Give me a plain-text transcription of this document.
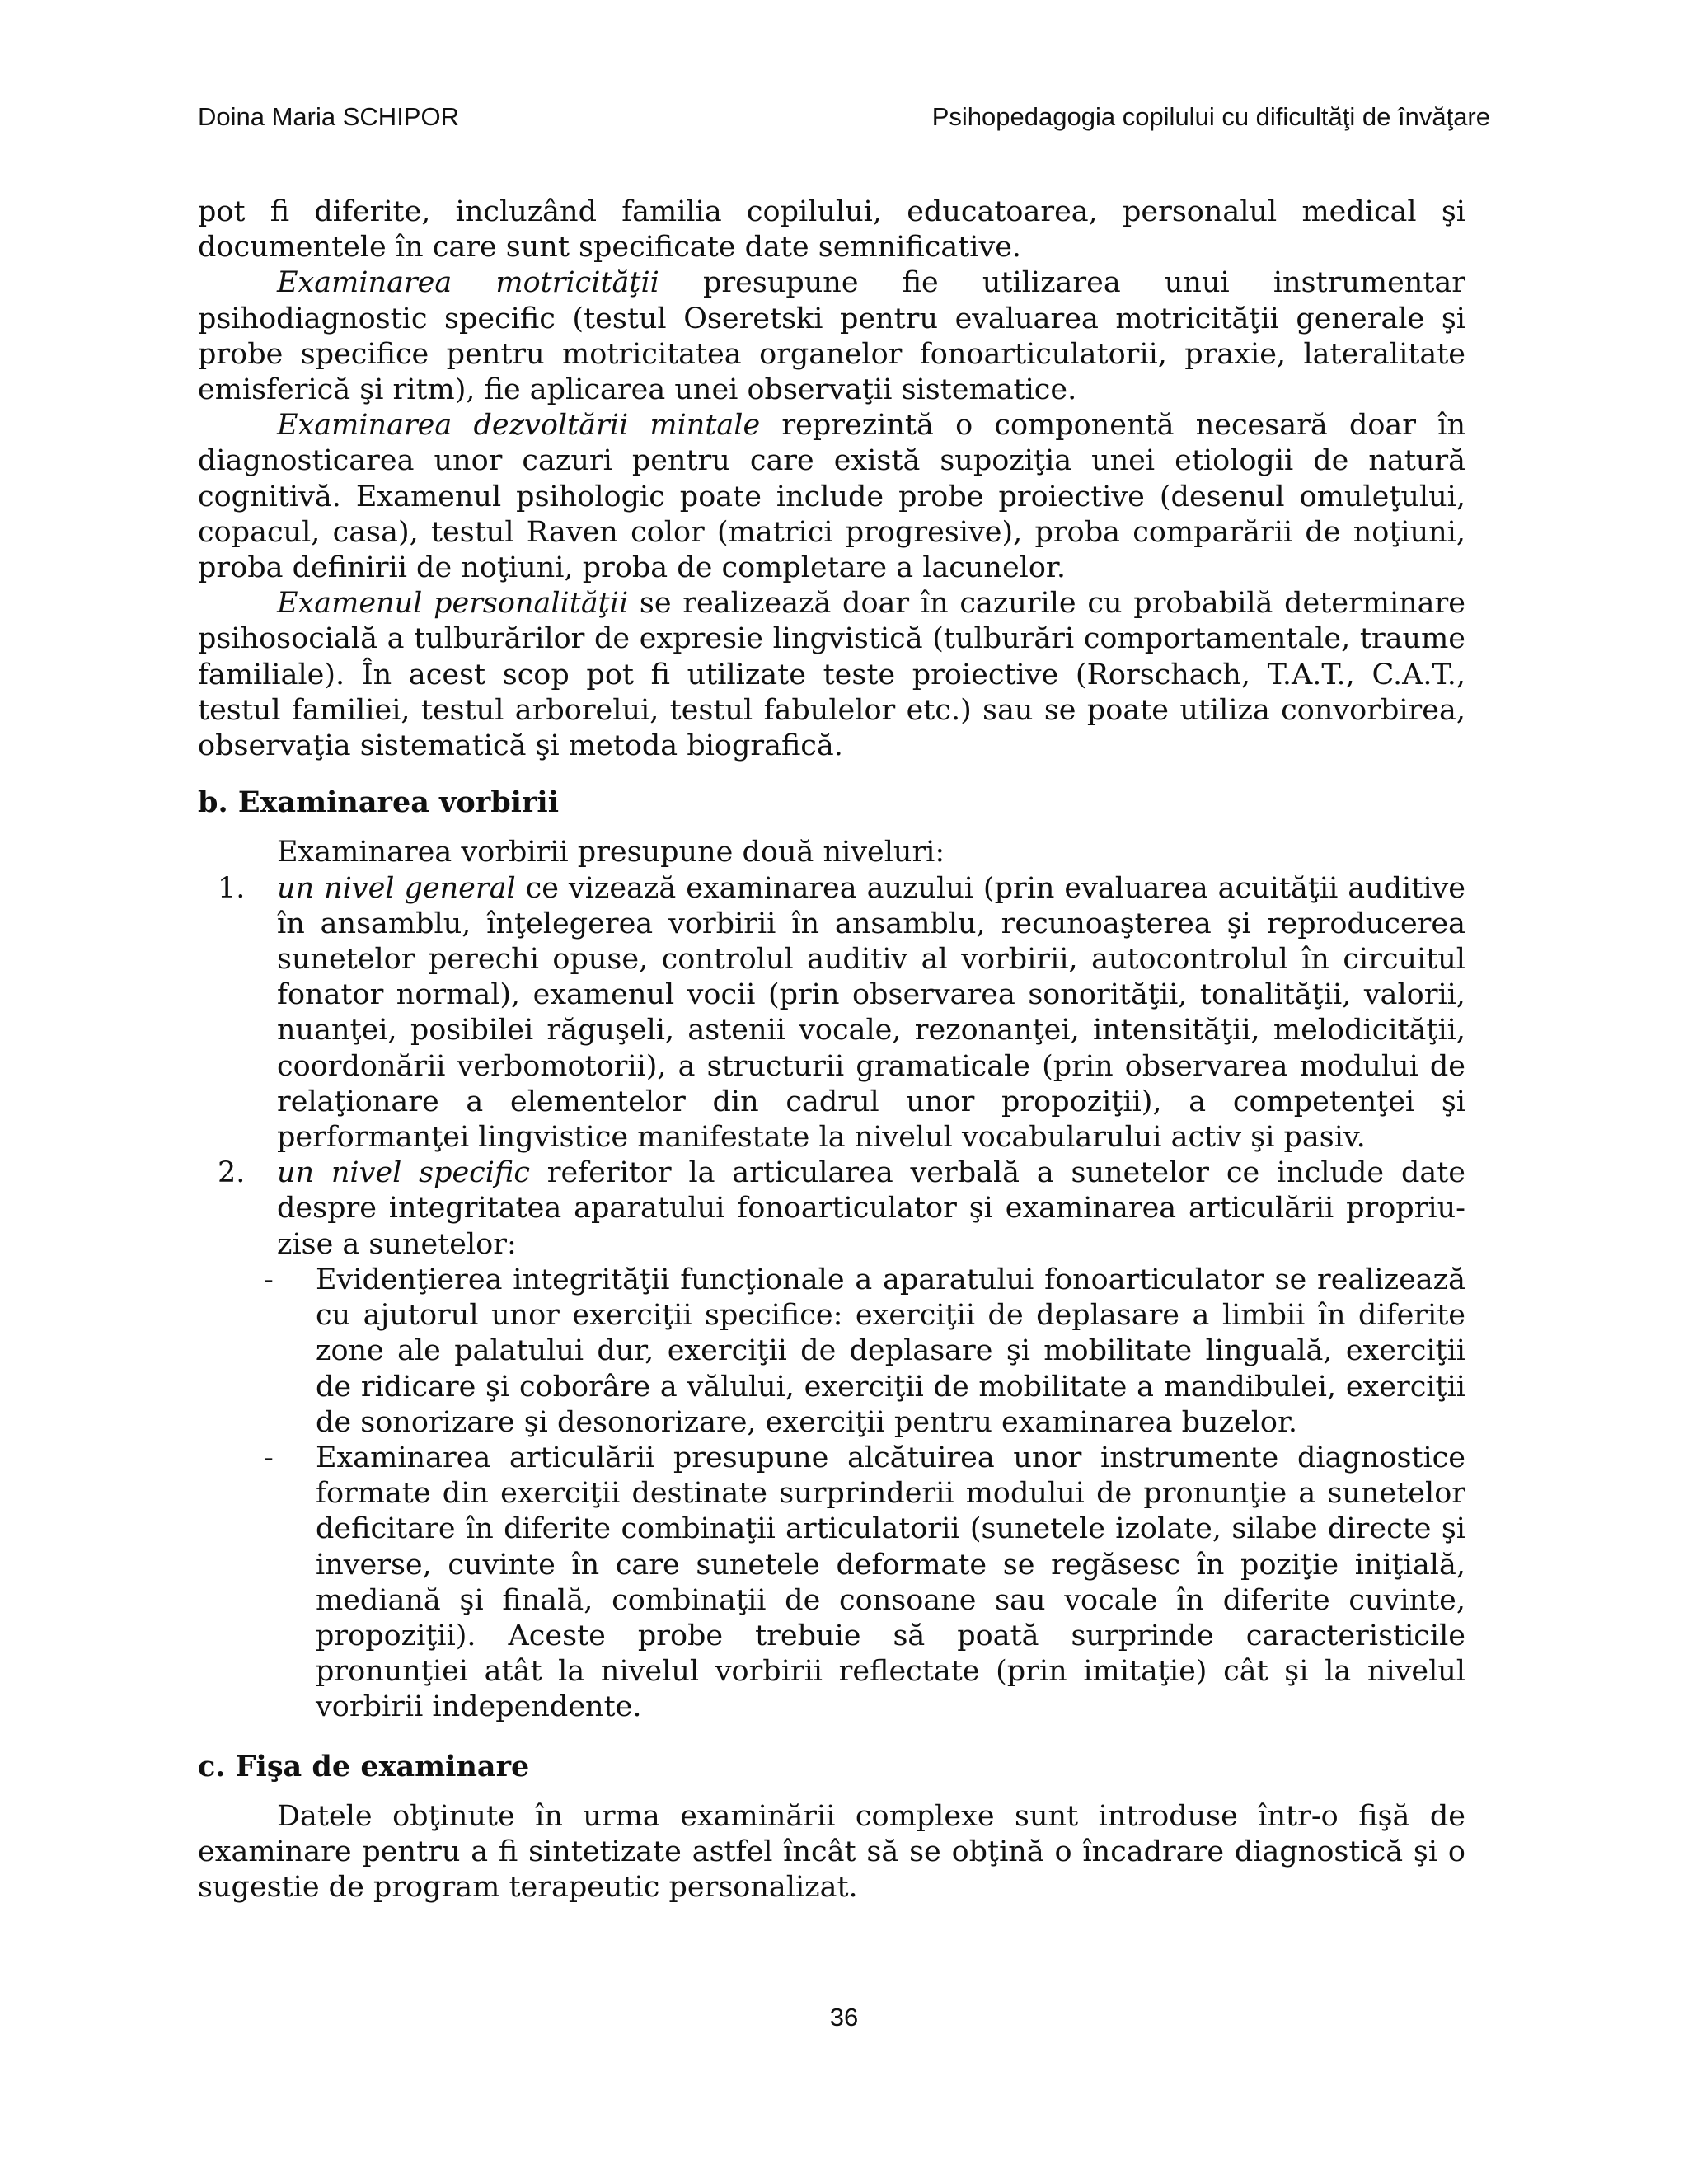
Doina Maria SCHIPOR	Psihopedagogia copilului cu dificultăţi de învăţare

pot fi diferite, incluzând familia copilului, educatoarea, personalul medical şi documentele în care sunt specificate date semnificative.

Examinarea motricităţii presupune fie utilizarea unui instrumentar psihodiagnostic specific (testul Oseretski pentru evaluarea motricităţii generale şi probe specifice pentru motricitatea organelor fonoarticulatorii, praxie, lateralitate emisferică şi ritm), fie aplicarea unei observaţii sistematice.

Examinarea dezvoltării mintale reprezintă o componentă necesară doar în diagnosticarea unor cazuri pentru care există supoziţia unei etiologii de natură cognitivă. Examenul psihologic poate include probe proiective (desenul omuleţului, copacul, casa), testul Raven color (matrici progresive), proba comparării de noţiuni, proba definirii de noţiuni, proba de completare a lacunelor.

Examenul personalităţii se realizează doar în cazurile cu probabilă determinare psihosocială a tulburărilor de expresie lingvistică (tulburări comportamentale, traume familiale). În acest scop pot fi utilizate teste proiective (Rorschach, T.A.T., C.A.T., testul familiei, testul arborelui, testul fabulelor etc.) sau se poate utiliza convorbirea, observaţia sistematică şi metoda biografică.

b. Examinarea vorbirii

Examinarea vorbirii presupune două niveluri:

1. un nivel general ce vizează examinarea auzului (prin evaluarea acuităţii auditive în ansamblu, înţelegerea vorbirii în ansamblu, recunoaşterea şi reproducerea sunetelor perechi opuse, controlul auditiv al vorbirii, autocontrolul în circuitul fonator normal), examenul vocii (prin observarea sonorităţii, tonalităţii, valorii, nuanţei, posibilei răguşeli, astenii vocale, rezonanţei, intensităţii, melodicităţii, coordonării verbomotorii), a structurii gramaticale (prin observarea modului de relaţionare a elementelor din cadrul unor propoziţii), a competenţei şi performanţei lingvistice manifestate la nivelul vocabularului activ şi pasiv.
2. un nivel specific referitor la articularea verbală a sunetelor ce include date despre integritatea aparatului fonoarticulator şi examinarea articulării propriu-zise a sunetelor:
- Evidenţierea integrităţii funcţionale a aparatului fonoarticulator se realizează cu ajutorul unor exerciţii specifice: exerciţii de deplasare a limbii în diferite zone ale palatului dur, exerciţii de deplasare şi mobilitate linguală, exerciţii de ridicare şi coborâre a vălului, exerciţii de mobilitate a mandibulei, exerciţii de sonorizare şi desonorizare, exerciţii pentru examinarea buzelor.
- Examinarea articulării presupune alcătuirea unor instrumente diagnostice formate din exerciţii destinate surprinderii modului de pronunţie a sunetelor deficitare în diferite combinaţii articulatorii (sunetele izolate, silabe directe şi inverse, cuvinte în care sunetele deformate se regăsesc în poziţie iniţială, mediană şi finală, combinaţii de consoane sau vocale în diferite cuvinte, propoziţii). Aceste probe trebuie să poată surprinde caracteristicile pronunţiei atât la nivelul vorbirii reflectate (prin imitaţie) cât şi la nivelul vorbirii independente.
c. Fişa de examinare

Datele obţinute în urma examinării complexe sunt introduse într-o fişă de examinare pentru a fi sintetizate astfel încât să se obţină o încadrare diagnostică şi o sugestie de program terapeutic personalizat.

36
